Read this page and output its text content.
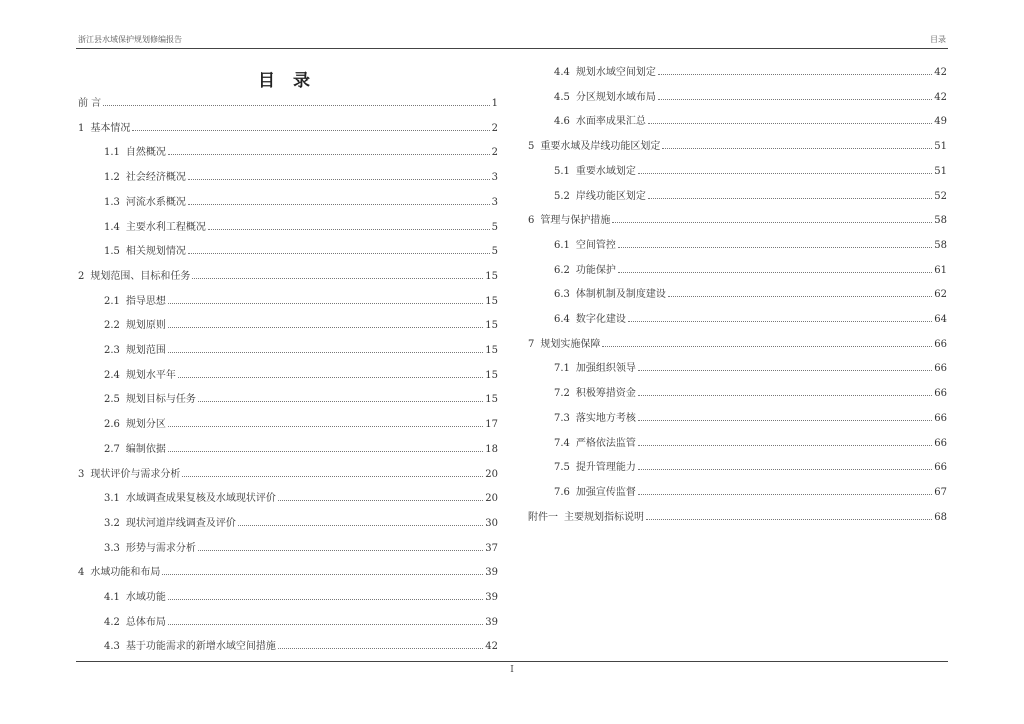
浙江县水域保护规划修编报告	目录
目 录
前 言	1
1 基本情况	2
1.1 自然概况	2
1.2 社会经济概况	3
1.3 河流水系概况	3
1.4 主要水利工程概况	5
1.5 相关规划情况	5
2 规划范围、目标和任务	15
2.1 指导思想	15
2.2 规划原则	15
2.3 规划范围	15
2.4 规划水平年	15
2.5 规划目标与任务	15
2.6 规划分区	17
2.7 编制依据	18
3 现状评价与需求分析	20
3.1 水域调查成果复核及水域现状评价	20
3.2 现状河道岸线调查及评价	30
3.3 形势与需求分析	37
4 水域功能和布局	39
4.1 水域功能	39
4.2 总体布局	39
4.3 基于功能需求的新增水域空间措施	42
4.4 规划水域空间划定	42
4.5 分区规划水域布局	42
4.6 水面率成果汇总	49
5 重要水域及岸线功能区划定	51
5.1 重要水域划定	51
5.2 岸线功能区划定	52
6 管理与保护措施	58
6.1 空间管控	58
6.2 功能保护	61
6.3 体制机制及制度建设	62
6.4 数字化建设	64
7 规划实施保障	66
7.1 加强组织领导	66
7.2 积极筹措资金	66
7.3 落实地方考核	66
7.4 严格依法监管	66
7.5 提升管理能力	66
7.6 加强宣传监督	67
附件一 主要规划指标说明	68
I
